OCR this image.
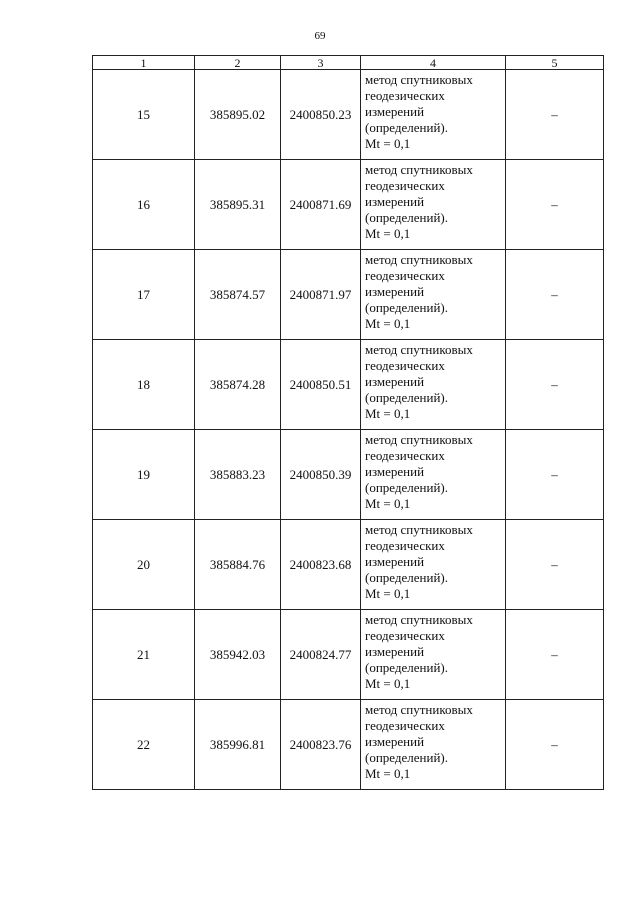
69
1	2	3	4	5
15	385895.02	2400850.23	метод спутниковых
геодезических
измерений
(определений).
Mt = 0,1	–
16	385895.31	2400871.69	метод спутниковых
геодезических
измерений
(определений).
Mt = 0,1	–
17	385874.57	2400871.97	метод спутниковых
геодезических
измерений
(определений).
Mt = 0,1	–
18	385874.28	2400850.51	метод спутниковых
геодезических
измерений
(определений).
Mt = 0,1	–
19	385883.23	2400850.39	метод спутниковых
геодезических
измерений
(определений).
Mt = 0,1	–
20	385884.76	2400823.68	метод спутниковых
геодезических
измерений
(определений).
Mt = 0,1	–
21	385942.03	2400824.77	метод спутниковых
геодезических
измерений
(определений).
Mt = 0,1	–
22	385996.81	2400823.76	метод спутниковых
геодезических
измерений
(определений).
Mt = 0,1	–
